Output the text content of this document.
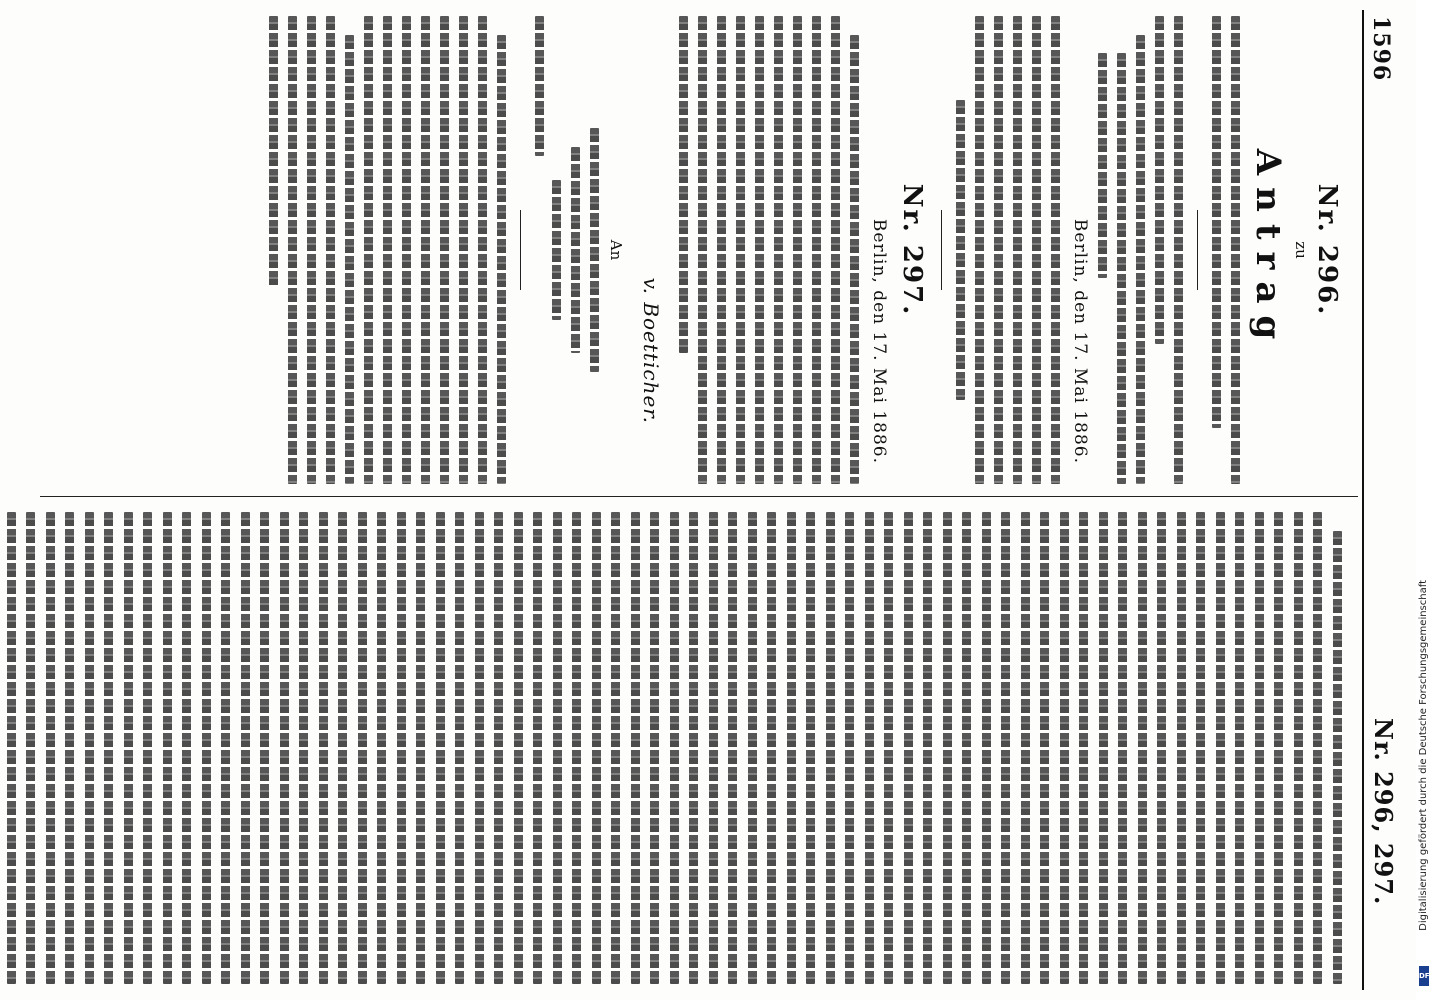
1596
Nr. 296, 297.
Nr. 296.
zu
Antrag
Berlin, den 17. Mai 1886.
Nr. 297.
Berlin, den 17. Mai 1886.
v. Boetticher.
An
Digitalisierung gefördert durch die Deutsche Forschungsgemeinschaft
DFG
